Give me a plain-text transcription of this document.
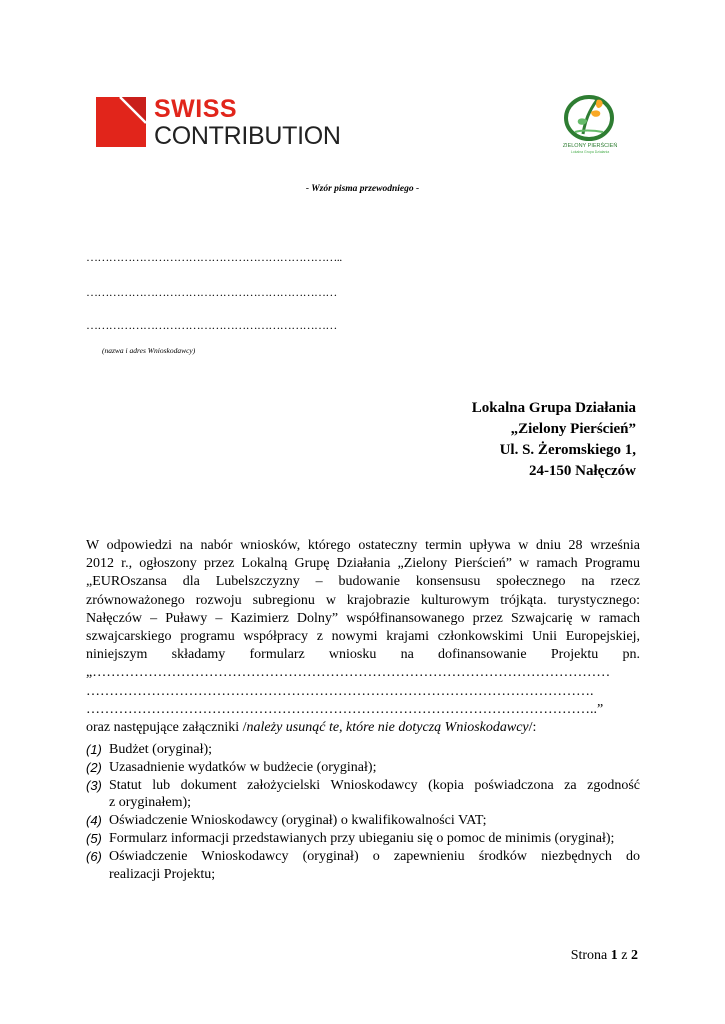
SWISS
CONTRIBUTION	ZIELONY PIERŚCIEŃ
Lokalna Grupa Działania
- Wzór pisma przewodniego -
…………………………………………………………..
…………………………………………………………
…………………………………………………………
(nazwa i adres Wnioskodawcy)
Lokalna Grupa Działania
„Zielony Pierścień”
Ul. S. Żeromskiego 1,
24-150 Nałęczów
W odpowiedzi na nabór wniosków, którego ostateczny termin upływa w dniu 28 września
2012 r., ogłoszony przez Lokalną Grupę Działania „Zielony Pierścień” w ramach Programu
„EUROszansa dla Lubelszczyzny – budowanie konsensusu społecznego na rzecz
zrównoważonego rozwoju subregionu w krajobrazie kulturowym trójkąta. turystycznego:
Nałęczów – Puławy – Kazimierz Dolny” współfinansowanego przez Szwajcarię w ramach
szwajcarskiego programu współpracy z nowymi krajami członkowskimi Unii Europejskiej,
niniejszym składamy formularz wniosku na dofinansowanie Projektu pn.
„…………………………………………………………………………………………………
……………………………………………………………………………………………….
………………………………………………………………………………………………..”
oraz następujące załączniki /należy usunąć te, które nie dotyczą Wnioskodawcy/:
(1) Budżet (oryginał);
(2) Uzasadnienie wydatków w budżecie (oryginał);
(3) Statut lub dokument założycielski Wnioskodawcy (kopia poświadczona za zgodność
z oryginałem);
(4) Oświadczenie Wnioskodawcy (oryginał) o kwalifikowalności VAT;
(5) Formularz informacji przedstawianych przy ubieganiu się o pomoc de minimis (oryginał);
(6) Oświadczenie Wnioskodawcy (oryginał) o zapewnieniu środków niezbędnych do
realizacji Projektu;
Strona 1 z 2
